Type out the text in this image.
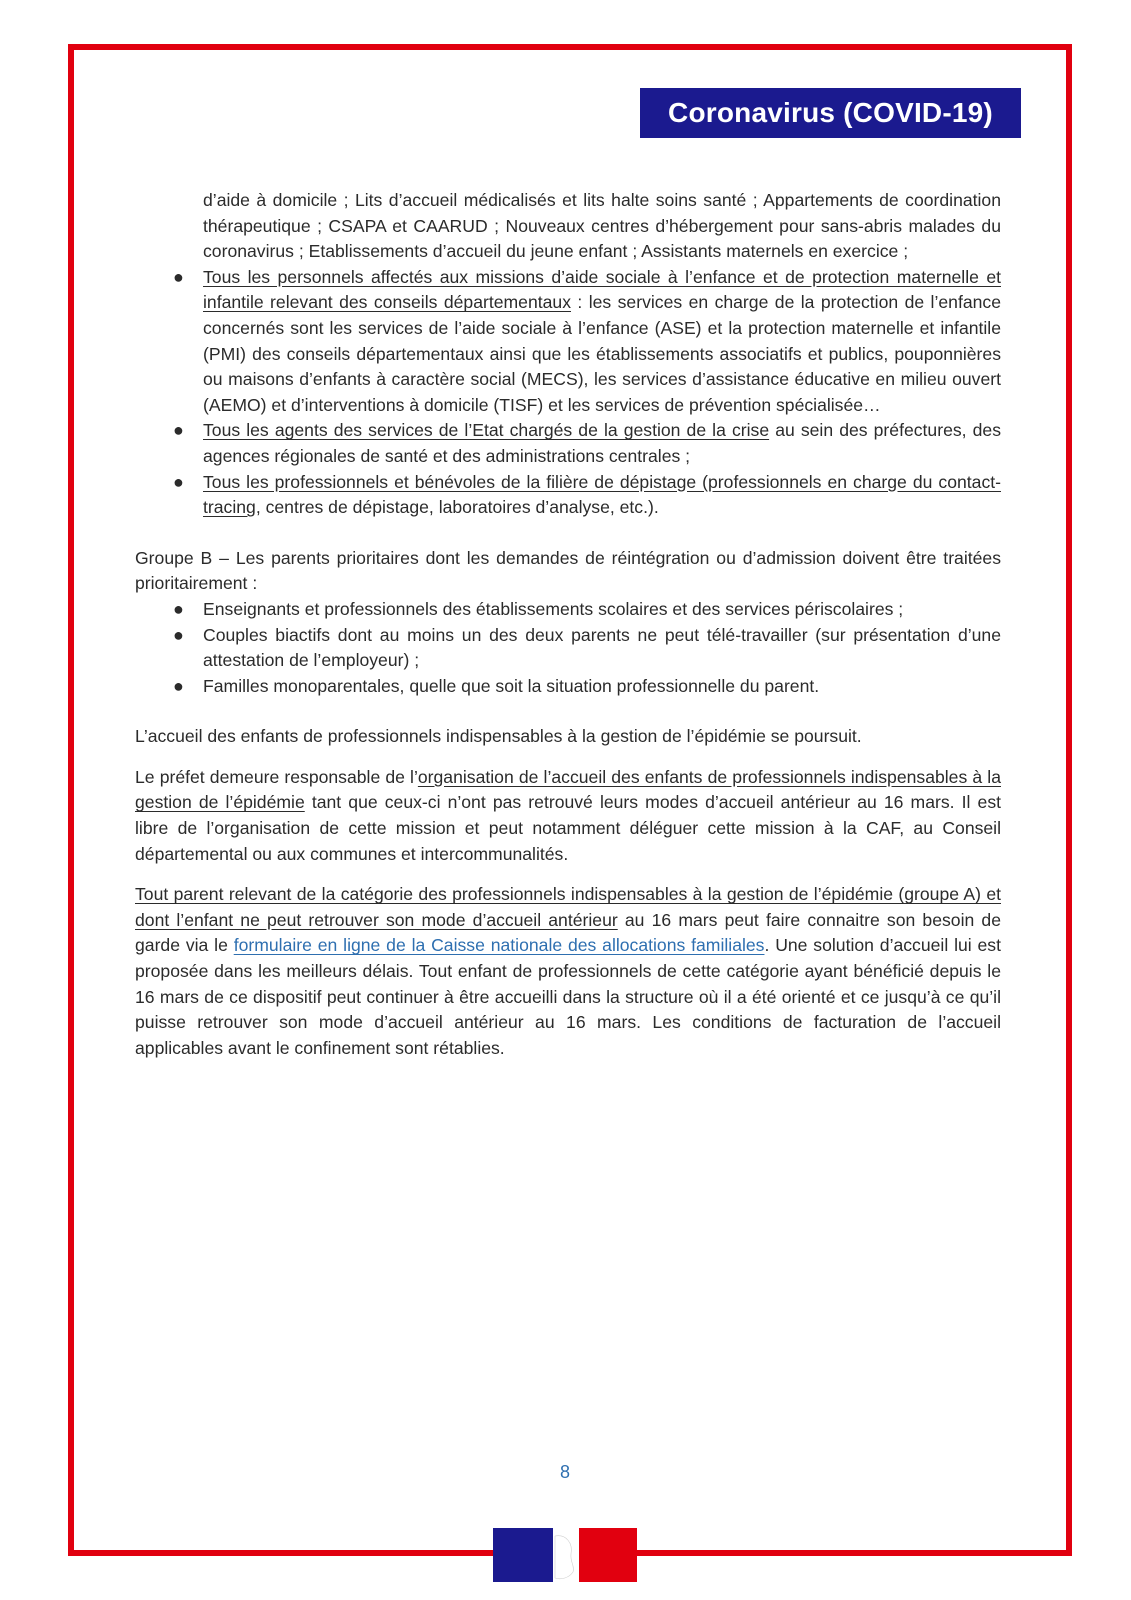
Coronavirus (COVID-19)

d’aide à domicile ; Lits d’accueil médicalisés et lits halte soins santé ; Appartements de coordination thérapeutique ; CSAPA et CAARUD ; Nouveaux centres d’hébergement pour sans-abris malades du coronavirus ; Etablissements d’accueil du jeune enfant ; Assistants maternels en exercice ;

● Tous les personnels affectés aux missions d’aide sociale à l’enfance et de protection maternelle et infantile relevant des conseils départementaux : les services en charge de la protection de l’enfance concernés sont les services de l’aide sociale à l’enfance (ASE) et la protection maternelle et infantile (PMI) des conseils départementaux ainsi que les établissements associatifs et publics, pouponnières ou maisons d’enfants à caractère social (MECS), les services d’assistance éducative en milieu ouvert (AEMO) et d’interventions à domicile (TISF) et les services de prévention spécialisée…
● Tous les agents des services de l’Etat chargés de la gestion de la crise au sein des préfectures, des agences régionales de santé et des administrations centrales ;
● Tous les professionnels et bénévoles de la filière de dépistage (professionnels en charge du contact-tracing, centres de dépistage, laboratoires d’analyse, etc.).

Groupe B – Les parents prioritaires dont les demandes de réintégration ou d’admission doivent être traitées prioritairement :

● Enseignants et professionnels des établissements scolaires et des services périscolaires ;
● Couples biactifs dont au moins un des deux parents ne peut télé-travailler (sur présentation d’une attestation de l’employeur) ;
● Familles monoparentales, quelle que soit la situation professionnelle du parent.

L’accueil des enfants de professionnels indispensables à la gestion de l’épidémie se poursuit.

Le préfet demeure responsable de l’organisation de l’accueil des enfants de professionnels indispensables à la gestion de l’épidémie tant que ceux-ci n’ont pas retrouvé leurs modes d’accueil antérieur au 16 mars. Il est libre de l’organisation de cette mission et peut notamment déléguer cette mission à la CAF, au Conseil départemental ou aux communes et intercommunalités.

Tout parent relevant de la catégorie des professionnels indispensables à la gestion de l’épidémie (groupe A) et dont l’enfant ne peut retrouver son mode d’accueil antérieur au 16 mars peut faire connaitre son besoin de garde via le formulaire en ligne de la Caisse nationale des allocations familiales. Une solution d’accueil lui est proposée dans les meilleurs délais. Tout enfant de professionnels de cette catégorie ayant bénéficié depuis le 16 mars de ce dispositif peut continuer à être accueilli dans la structure où il a été orienté et ce jusqu’à ce qu’il puisse retrouver son mode d’accueil antérieur au 16 mars. Les conditions de facturation de l’accueil applicables avant le confinement sont rétablies.

8
